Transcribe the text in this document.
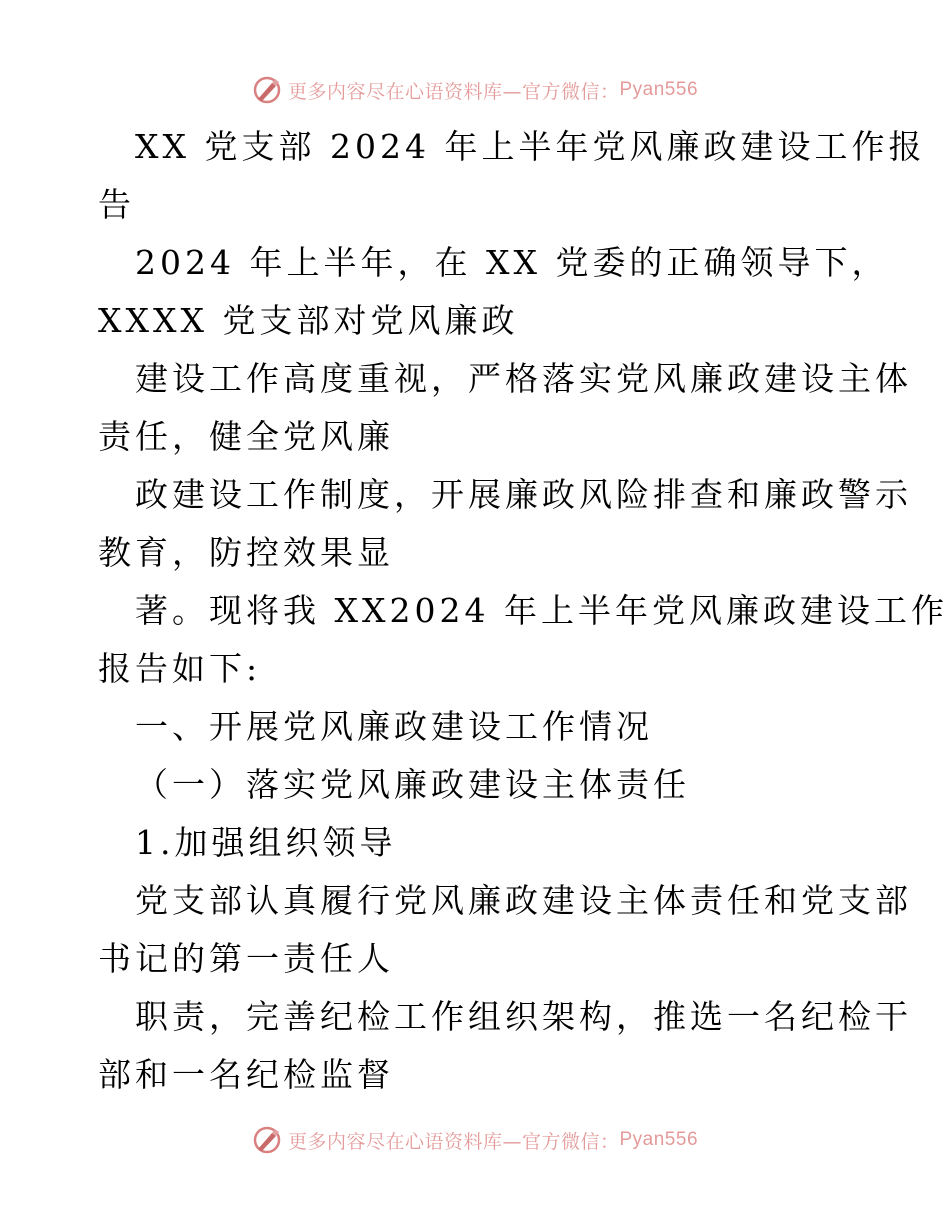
更多内容尽在心语资料库—官方微信： Pyan556
XX 党支部 2024 年上半年党风廉政建设工作报
告
2024 年上半年，在 XX 党委的正确领导下，
XXXX 党支部对党风廉政
建设工作高度重视，严格落实党风廉政建设主体
责任，健全党风廉
政建设工作制度，开展廉政风险排查和廉政警示
教育，防控效果显
著。现将我 XX2024 年上半年党风廉政建设工作
报告如下:
一、开展党风廉政建设工作情况
（一）落实党风廉政建设主体责任
1.加强组织领导
党支部认真履行党风廉政建设主体责任和党支部
书记的第一责任人
职责，完善纪检工作组织架构，推选一名纪检干
部和一名纪检监督
更多内容尽在心语资料库—官方微信： Pyan556
